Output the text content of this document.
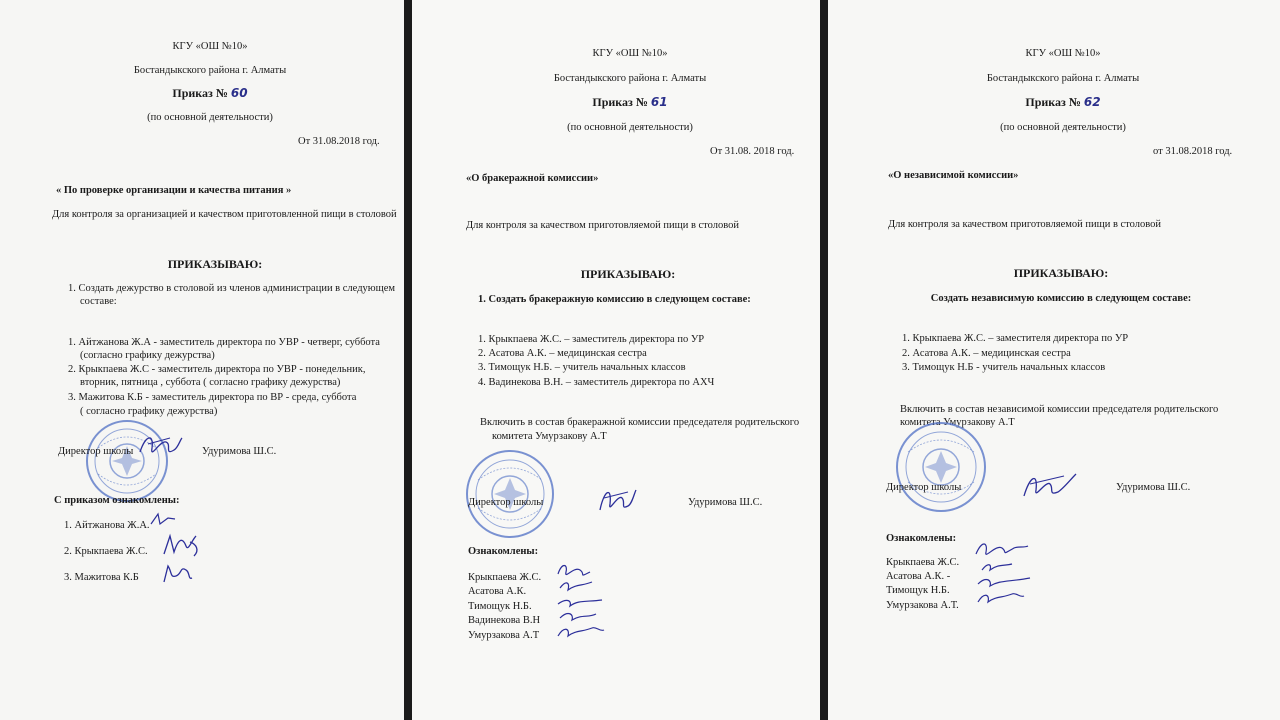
КГУ «ОШ №10»
Бостандыкского района г. Алматы
Приказ № 60
(по основной деятельности)
От 31.08.2018 год.
« По проверке организации и качества питания »
Для контроля за организацией и качеством приготовленной пищи в столовой
ПРИКАЗЫВАЮ:
1. Создать дежурство в столовой из членов администрации в следующем
составе:
1. Айтжанова Ж.А - заместитель директора по УВР - четверг, суббота
(согласно графику дежурства)
2. Крыкпаева Ж.С - заместитель директора по УВР - понедельник,
вторник, пятница , суббота ( согласно графику дежурства)
3. Мажитова К.Б - заместитель директора по ВР - среда, суббота
( согласно графику дежурства)
Директор школы	Удуримова Ш.С.
С приказом ознакомлены:
1. Айтжанова Ж.А.
2. Крыкпаева Ж.С.
3. Мажитова К.Б
КГУ «ОШ №10»
Бостандыкского района г. Алматы
Приказ № 61
(по основной деятельности)
От 31.08. 2018 год.
«О бракеражной комиссии»
Для контроля за качеством приготовляемой пищи в столовой
ПРИКАЗЫВАЮ:
1. Создать бракеражную комиссию в следующем составе:
1. Крыкпаева Ж.С. – заместитель директора по УР
2. Асатова А.К. – медицинская сестра
3. Тимощук Н.Б. – учитель начальных классов
4. Вадинекова В.Н. – заместитель директора по АХЧ
Включить в состав бракеражной комиссии председателя родительского
комитета Умурзакову А.Т
Директор школы	Удуримова Ш.С.
Ознакомлены:
Крыкпаева Ж.С.
Асатова А.К.
Тимощук Н.Б.
Вадинекова В.Н
Умурзакова А.Т
КГУ «ОШ №10»
Бостандыкского района г. Алматы
Приказ № 62
(по основной деятельности)
от 31.08.2018 год.
«О независимой комиссии»
Для контроля за качеством приготовляемой пищи в столовой
ПРИКАЗЫВАЮ:
Создать независимую комиссию в следующем составе:
1. Крыкпаева Ж.С. – заместителя директора по УР
2. Асатова А.К. – медицинская сестра
3. Тимощук Н.Б - учитель начальных классов
Включить в состав независимой комиссии председателя родительского
комитета Умурзакову А.Т
Директор школы	Удуримова Ш.С.
Ознакомлены:
Крыкпаева Ж.С.
Асатова А.К. -
Тимощук Н.Б.
Умурзакова А.Т.
